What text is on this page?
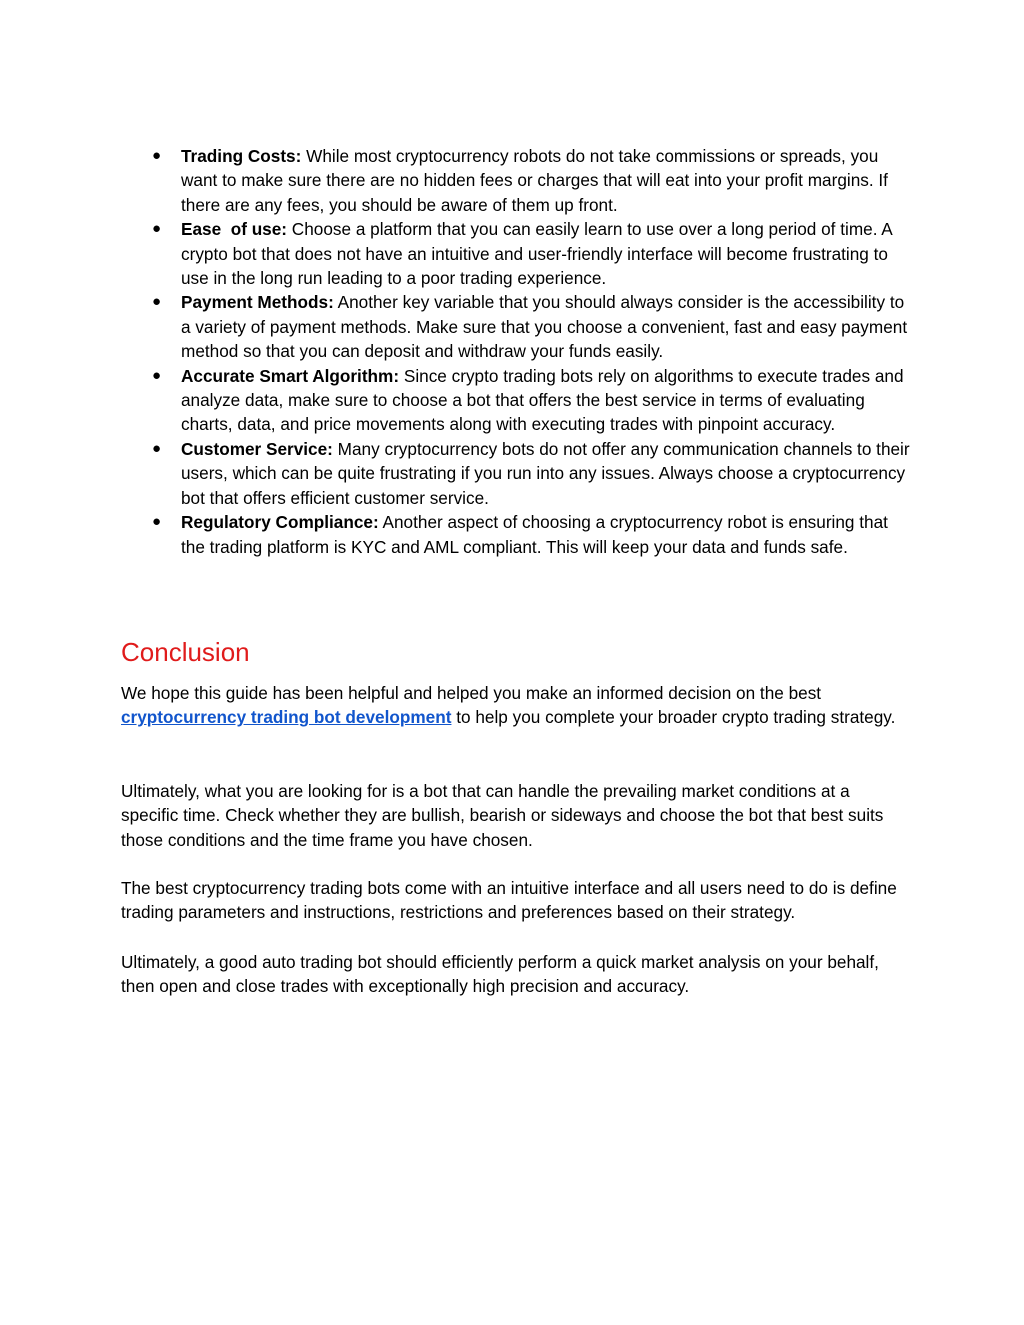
● Trading Costs: While most cryptocurrency robots do not take commissions or spreads, you want to make sure there are no hidden fees or charges that will eat into your profit margins. If there are any fees, you should be aware of them up front.
● Ease  of use: Choose a platform that you can easily learn to use over a long period of time. A crypto bot that does not have an intuitive and user-friendly interface will become frustrating to use in the long run leading to a poor trading experience.
● Payment Methods: Another key variable that you should always consider is the accessibility to a variety of payment methods. Make sure that you choose a convenient, fast and easy payment method so that you can deposit and withdraw your funds easily.
● Accurate Smart Algorithm: Since crypto trading bots rely on algorithms to execute trades and analyze data, make sure to choose a bot that offers the best service in terms of evaluating charts, data, and price movements along with executing trades with pinpoint accuracy.
● Customer Service: Many cryptocurrency bots do not offer any communication channels to their users, which can be quite frustrating if you run into any issues. Always choose a cryptocurrency bot that offers efficient customer service.
● Regulatory Compliance: Another aspect of choosing a cryptocurrency robot is ensuring that the trading platform is KYC and AML compliant. This will keep your data and funds safe.
Conclusion

We hope this guide has been helpful and helped you make an informed decision on the best cryptocurrency trading bot development to help you complete your broader crypto trading strategy.

Ultimately, what you are looking for is a bot that can handle the prevailing market conditions at a specific time. Check whether they are bullish, bearish or sideways and choose the bot that best suits those conditions and the time frame you have chosen.

The best cryptocurrency trading bots come with an intuitive interface and all users need to do is define trading parameters and instructions, restrictions and preferences based on their strategy.

Ultimately, a good auto trading bot should efficiently perform a quick market analysis on your behalf, then open and close trades with exceptionally high precision and accuracy.
